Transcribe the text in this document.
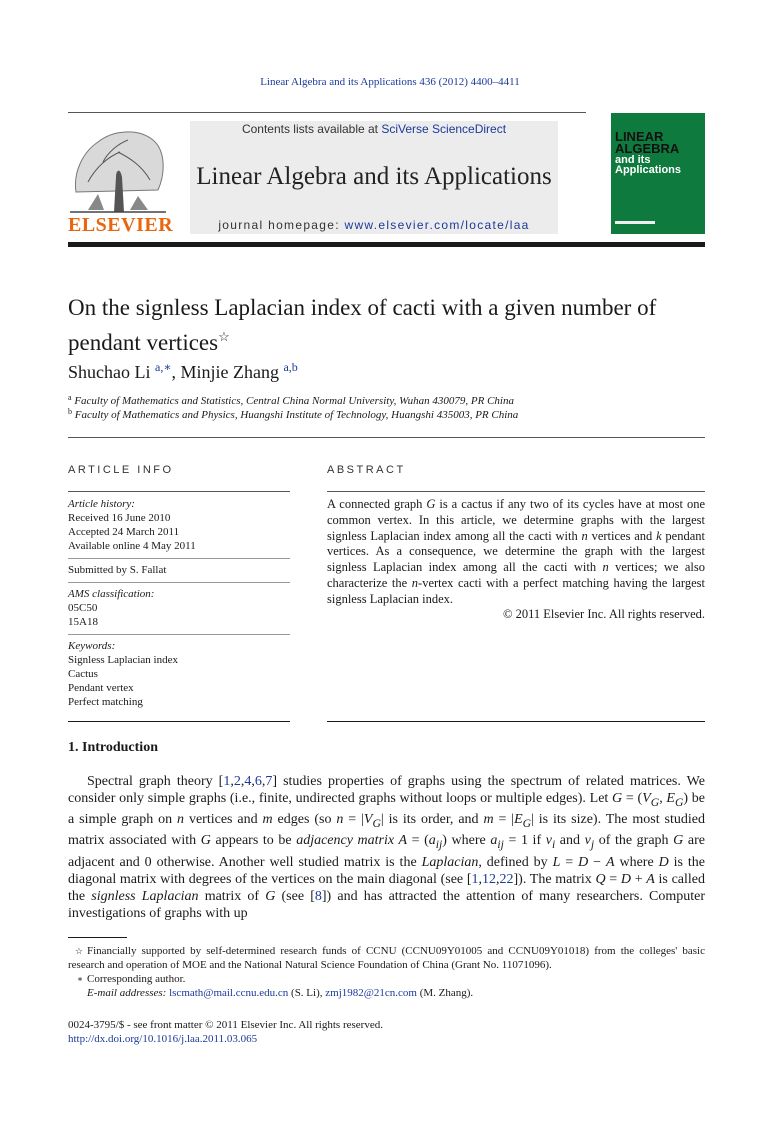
Linear Algebra and its Applications 436 (2012) 4400–4411
ELSEVIER
Contents lists available at SciVerse ScienceDirect
Linear Algebra and its Applications
journal homepage: www.elsevier.com/locate/laa
LINEAR
ALGEBRA
and its
Applications
On the signless Laplacian index of cacti with a given number of pendant vertices☆
Shuchao Li $^{a,∗}$, Minjie Zhang $^{a,b}$
$^a$ Faculty of Mathematics and Statistics, Central China Normal University, Wuhan 430079, PR China
$^b$ Faculty of Mathematics and Physics, Huangshi Institute of Technology, Huangshi 435003, PR China
ARTICLE INFO	ABSTRACT
Article history:
Received 16 June 2010
Accepted 24 March 2011
Available online 4 May 2011
Submitted by S. Fallat
AMS classification:
05C50
15A18
Keywords:
Signless Laplacian index
Cactus
Pendant vertex
Perfect matching
A connected graph G is a cactus if any two of its cycles have at most one common vertex. In this article, we determine graphs with the largest signless Laplacian index among all the cacti with n vertices and k pendant vertices. As a consequence, we determine the graph with the largest signless Laplacian index among all the cacti with n vertices; we also characterize the n-vertex cacti with a perfect matching having the largest signless Laplacian index.
© 2011 Elsevier Inc. All rights reserved.
1. Introduction

Spectral graph theory [1,2,4,6,7] studies properties of graphs using the spectrum of related matrices. We consider only simple graphs (i.e., finite, undirected graphs without loops or multiple edges). Let $G = (V_G$, $E_G$) be a simple graph on n vertices and m edges (so $n = |V_G|$ is its order, and $m = |E_G|$ is its size). The most studied matrix associated with G appears to be adjacency matrix $A = (a_{ij})$ where $a_{ij} = 1$ if $v_i$ and $v_j$ of the graph G are adjacent and 0 otherwise. Another well studied matrix is the Laplacian, defined by L = D − A where D is the diagonal matrix with degrees of the vertices on the main diagonal (see [1,12,22]). The matrix Q = D + A is called the signless Laplacian matrix of G (see [8]) and has attracted the attention of many researchers. Computer investigations of graphs with up

☆ Financially supported by self-determined research funds of CCNU (CCNU09Y01005 and CCNU09Y01018) from the colleges' basic research and operation of MOE and the National Natural Science Foundation of China (Grant No. 11071096).

∗ Corresponding author.

E-mail addresses: lscmath@mail.ccnu.edu.cn (S. Li), zmj1982@21cn.com (M. Zhang).

0024-3795/$ - see front matter © 2011 Elsevier Inc. All rights reserved.
http://dx.doi.org/10.1016/j.laa.2011.03.065
